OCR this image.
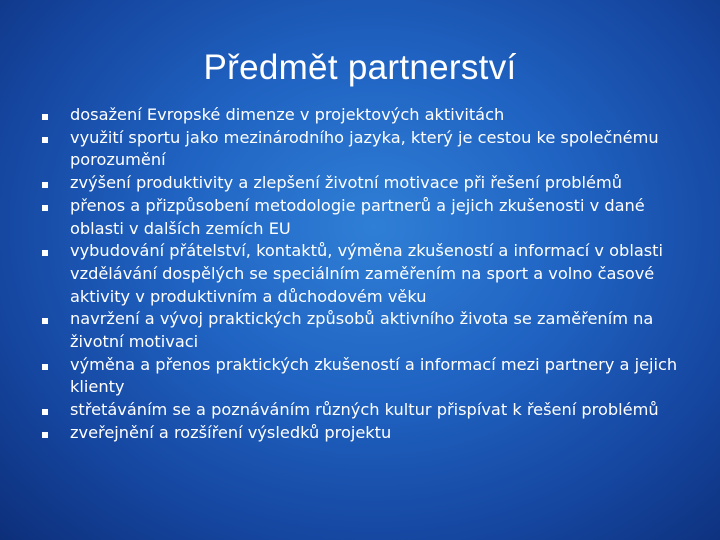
Předmět partnerství
dosažení Evropské dimenze v projektových aktivitách
využití sportu jako mezinárodního jazyka, který je cestou ke společnému porozumění
zvýšení produktivity a zlepšení životní motivace při řešení problémů
přenos a přizpůsobení metodologie partnerů a jejich zkušenosti v dané oblasti v dalších zemích EU
vybudování přátelství, kontaktů, výměna zkušeností a informací v oblasti vzdělávání dospělých se speciálním zaměřením na sport a volno časové aktivity v produktivním a důchodovém věku
navržení a vývoj praktických způsobů aktivního života se zaměřením na životní motivaci
výměna a přenos praktických zkušeností a informací mezi partnery a jejich klienty
střetáváním se a poznáváním různých kultur přispívat k řešení problémů
zveřejnění a rozšíření výsledků projektu
